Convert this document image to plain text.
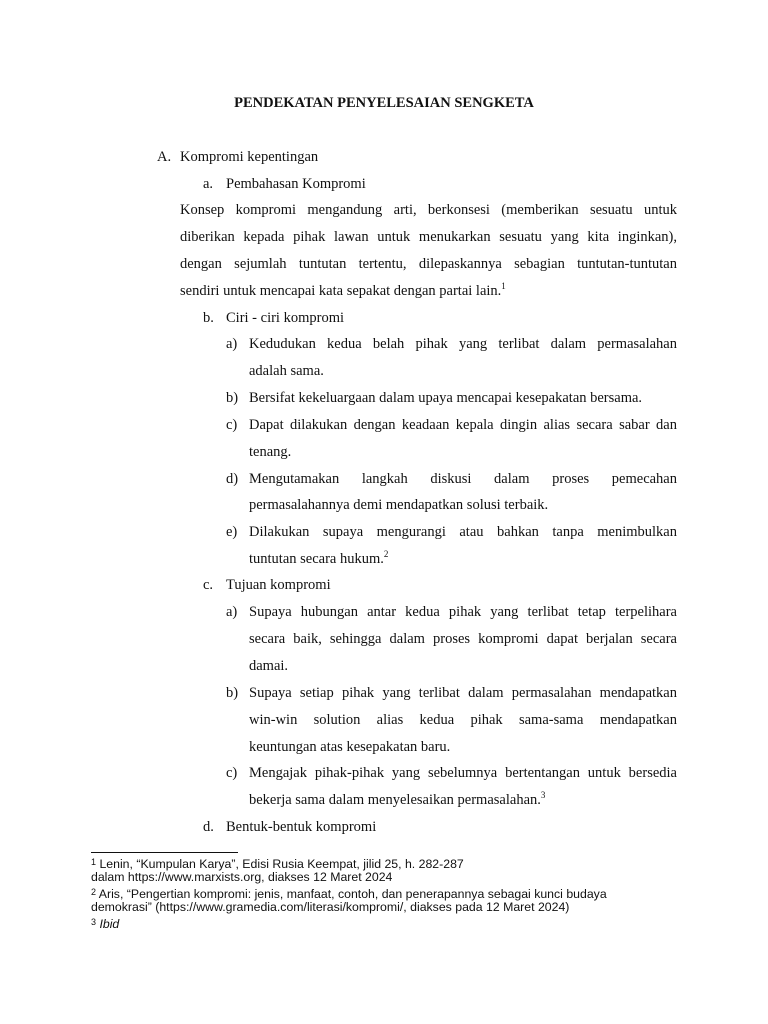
PENDEKATAN PENYELESAIAN SENGKETA
A. Kompromi kepentingan
a. Pembahasan Kompromi
Konsep kompromi mengandung arti, berkonsesi (memberikan sesuatu untuk
diberikan kepada pihak lawan untuk menukarkan sesuatu yang kita inginkan),
dengan sejumlah tuntutan tertentu, dilepaskannya sebagian tuntutan-tuntutan
sendiri untuk mencapai kata sepakat dengan partai lain.$^1$
b. Ciri - ciri kompromi
a) Kedudukan kedua belah pihak yang terlibat dalam permasalahan
adalah sama.
b) Bersifat kekeluargaan dalam upaya mencapai kesepakatan bersama.
c) Dapat dilakukan dengan keadaan kepala dingin alias secara sabar dan
tenang.
d) Mengutamakan langkah diskusi dalam proses pemecahan
permasalahannya demi mendapatkan solusi terbaik.
e) Dilakukan supaya mengurangi atau bahkan tanpa menimbulkan
tuntutan secara hukum.$^2$
c. Tujuan kompromi
a) Supaya hubungan antar kedua pihak yang terlibat tetap terpelihara
secara baik, sehingga dalam proses kompromi dapat berjalan secara
damai.
b) Supaya setiap pihak yang terlibat dalam permasalahan mendapatkan
win-win solution alias kedua pihak sama-sama mendapatkan
keuntungan atas kesepakatan baru.
c) Mengajak pihak-pihak yang sebelumnya bertentangan untuk bersedia
bekerja sama dalam menyelesaikan permasalahan.$^3$
d. Bentuk-bentuk kompromi
$^1$ Lenin, “Kumpulan Karya”, Edisi Rusia Keempat, jilid 25, h. 282-287
dalam https://www.marxists.org, diakses 12 Maret 2024
$^2$ Aris, “Pengertian kompromi: jenis, manfaat, contoh, dan penerapannya sebagai kunci budaya
demokrasi” (https://www.gramedia.com/literasi/kompromi/, diakses pada 12 Maret 2024)
$^3$ Ibid
